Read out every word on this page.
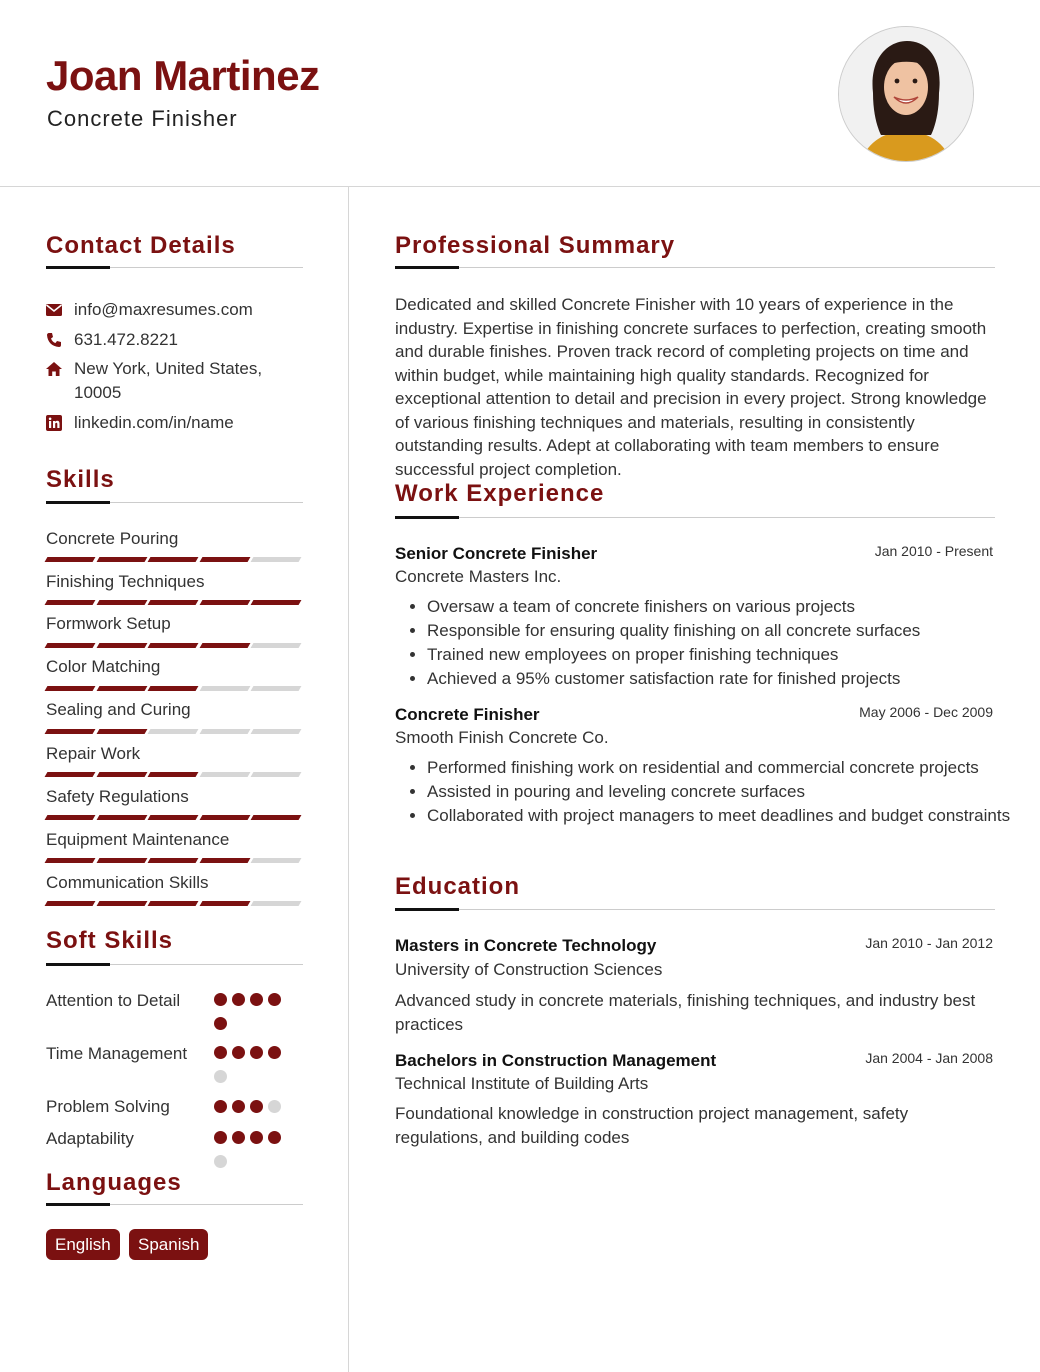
Joan Martinez
Concrete Finisher
Contact Details
info@maxresumes.com
631.472.8221
New York, United States, 10005
linkedin.com/in/name
Skills
Concrete Pouring
Finishing Techniques
Formwork Setup
Color Matching
Sealing and Curing
Repair Work
Safety Regulations
Equipment Maintenance
Communication Skills
Soft Skills
Attention to Detail
Time Management
Problem Solving
Adaptability
Languages
English	Spanish
Professional Summary
Dedicated and skilled Concrete Finisher with 10 years of experience in the industry. Expertise in finishing concrete surfaces to perfection, creating smooth and durable finishes. Proven track record of completing projects on time and within budget, while maintaining high quality standards. Recognized for exceptional attention to detail and precision in every project. Strong knowledge of various finishing techniques and materials, resulting in consistently outstanding results. Adept at collaborating with team members to ensure successful project completion.
Work Experience
Senior Concrete Finisher	Jan 2010 - Present
Concrete Masters Inc.
• Oversaw a team of concrete finishers on various projects
• Responsible for ensuring quality finishing on all concrete surfaces
• Trained new employees on proper finishing techniques
• Achieved a 95% customer satisfaction rate for finished projects
Concrete Finisher	May 2006 - Dec 2009
Smooth Finish Concrete Co.
• Performed finishing work on residential and commercial concrete projects
• Assisted in pouring and leveling concrete surfaces
• Collaborated with project managers to meet deadlines and budget constraints
Education
Masters in Concrete Technology	Jan 2010 - Jan 2012
University of Construction Sciences
Advanced study in concrete materials, finishing techniques, and industry best practices
Bachelors in Construction Management	Jan 2004 - Jan 2008
Technical Institute of Building Arts
Foundational knowledge in construction project management, safety regulations, and building codes
